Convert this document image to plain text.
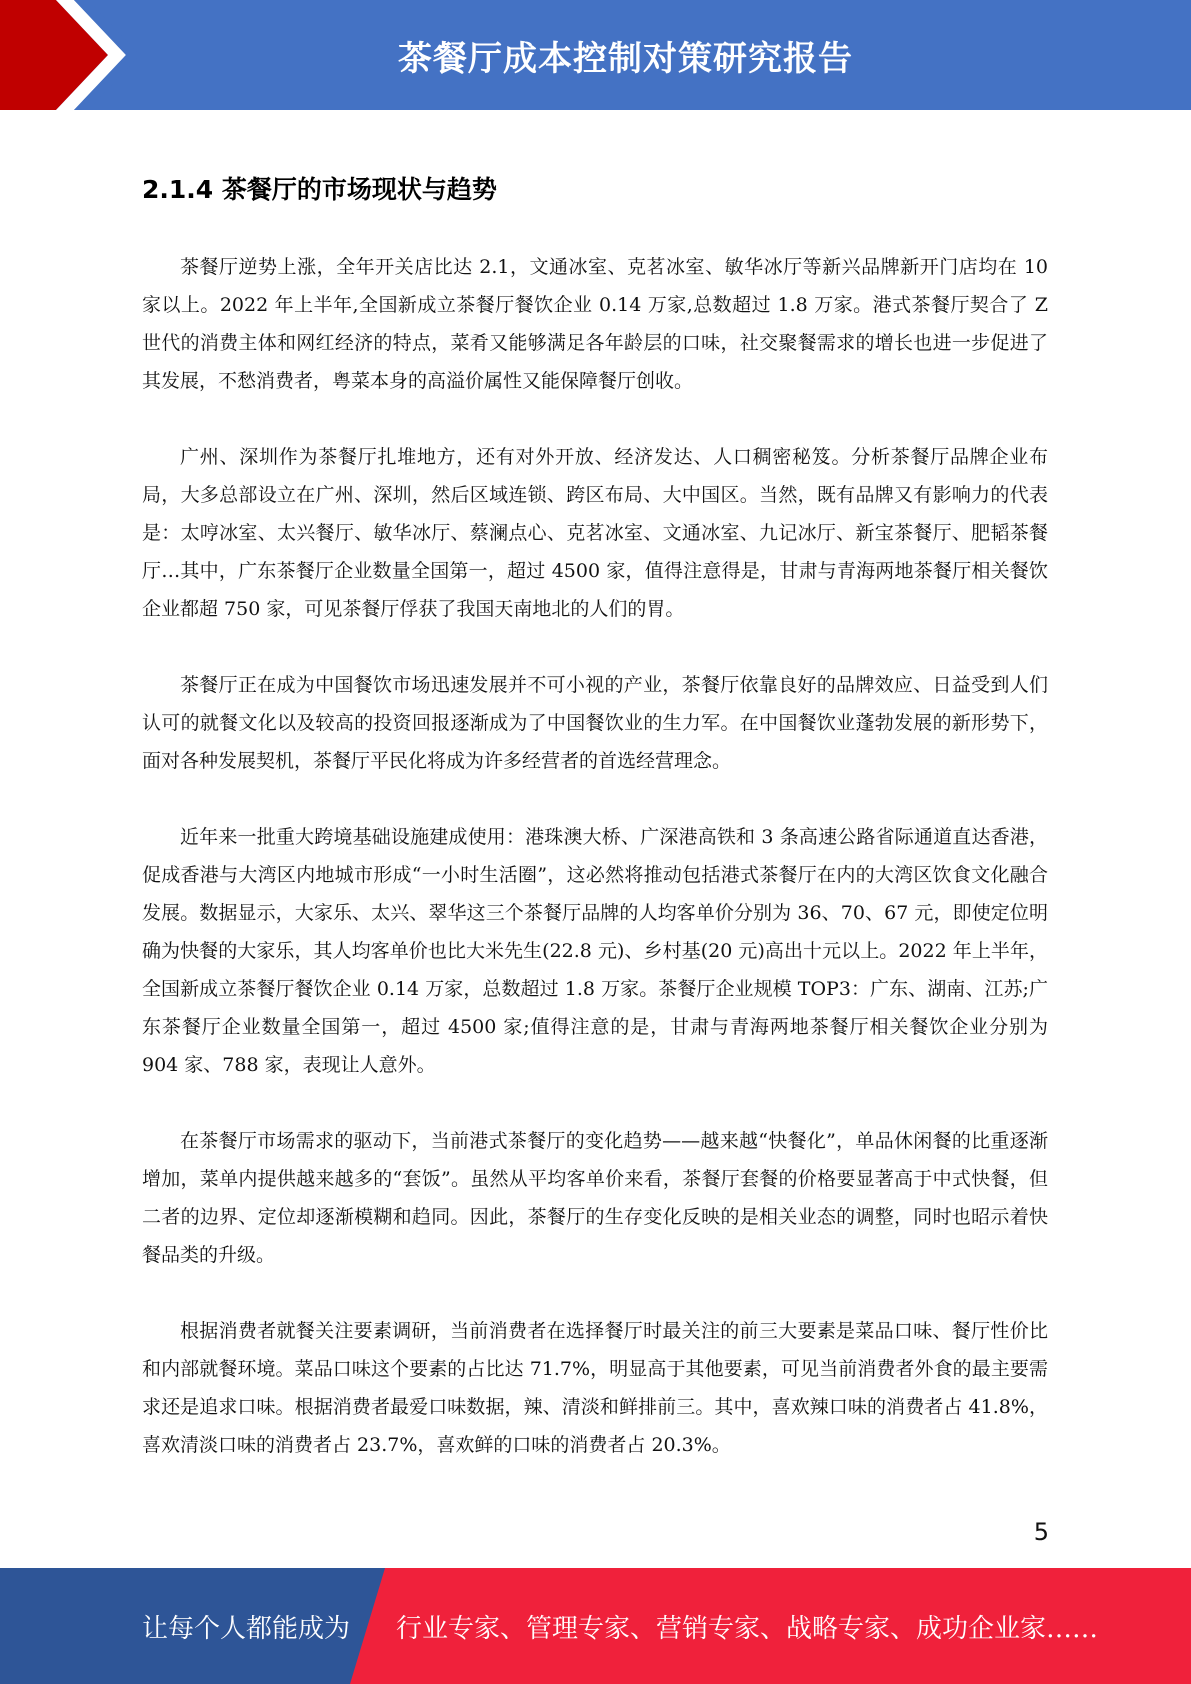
茶餐厅成本控制对策研究报告
2.1.4 茶餐厅的市场现状与趋势

茶餐厅逆势上涨，全年开关店比达 2.1，文通冰室、克茗冰室、敏华冰厅等新兴品牌新开门店均在 10 家以上。2022 年上半年,全国新成立茶餐厅餐饮企业 0.14 万家,总数超过 1.8 万家。港式茶餐厅契合了 Z 世代的消费主体和网红经济的特点，菜肴又能够满足各年龄层的口味，社交聚餐需求的增长也进一步促进了其发展，不愁消费者，粤菜本身的高溢价属性又能保障餐厅创收。

广州、深圳作为茶餐厅扎堆地方，还有对外开放、经济发达、人口稠密秘笈。分析茶餐厅品牌企业布局，大多总部设立在广州、深圳，然后区域连锁、跨区布局、大中国区。当然，既有品牌又有影响力的代表是：太哼冰室、太兴餐厅、敏华冰厅、蔡澜点心、克茗冰室、文通冰室、九记冰厅、新宝茶餐厅、肥韬茶餐厅…其中，广东茶餐厅企业数量全国第一，超过 4500 家，值得注意得是，甘肃与青海两地茶餐厅相关餐饮企业都超 750 家，可见茶餐厅俘获了我国天南地北的人们的胃。

茶餐厅正在成为中国餐饮市场迅速发展并不可小视的产业，茶餐厅依靠良好的品牌效应、日益受到人们认可的就餐文化以及较高的投资回报逐渐成为了中国餐饮业的生力军。在中国餐饮业蓬勃发展的新形势下，面对各种发展契机，茶餐厅平民化将成为许多经营者的首选经营理念。

近年来一批重大跨境基础设施建成使用：港珠澳大桥、广深港高铁和 3 条高速公路省际通道直达香港，促成香港与大湾区内地城市形成“一小时生活圈”，这必然将推动包括港式茶餐厅在内的大湾区饮食文化融合发展。数据显示，大家乐、太兴、翠华这三个茶餐厅品牌的人均客单价分别为 36、70、67 元，即使定位明确为快餐的大家乐，其人均客单价也比大米先生(22.8 元)、乡村基(20 元)高出十元以上。2022 年上半年，全国新成立茶餐厅餐饮企业 0.14 万家，总数超过 1.8 万家。茶餐厅企业规模 TOP3：广东、湖南、江苏;广东茶餐厅企业数量全国第一，超过 4500 家;值得注意的是，甘肃与青海两地茶餐厅相关餐饮企业分别为 904 家、788 家，表现让人意外。

在茶餐厅市场需求的驱动下，当前港式茶餐厅的变化趋势——越来越“快餐化”，单品休闲餐的比重逐渐增加，菜单内提供越来越多的“套饭”。虽然从平均客单价来看，茶餐厅套餐的价格要显著高于中式快餐，但二者的边界、定位却逐渐模糊和趋同。因此，茶餐厅的生存变化反映的是相关业态的调整，同时也昭示着快餐品类的升级。

根据消费者就餐关注要素调研，当前消费者在选择餐厅时最关注的前三大要素是菜品口味、餐厅性价比和内部就餐环境。菜品口味这个要素的占比达 71.7%，明显高于其他要素，可见当前消费者外食的最主要需求还是追求口味。根据消费者最爱口味数据，辣、清淡和鲜排前三。其中，喜欢辣口味的消费者占 41.8%，喜欢清淡口味的消费者占 23.7%，喜欢鲜的口味的消费者占 20.3%。

5
让每个人都能成为 行业专家、管理专家、营销专家、战略专家、成功企业家……
